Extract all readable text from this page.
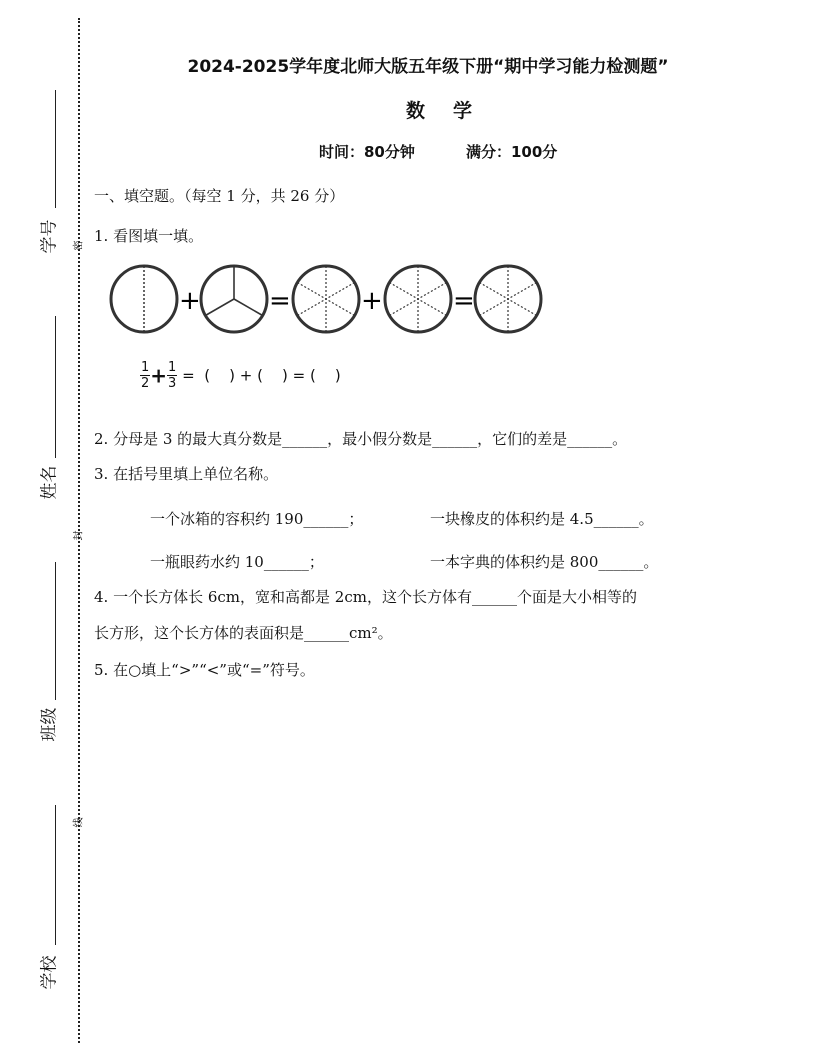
学号
姓名
班级
学校
密
封
线
2024-2025学年度北师大版五年级下册“期中学习能力检测题”
数学
时间：80分钟	满分：100分
一、填空题。（每空 1 分，共 26 分）
1. 看图填一填。
+	=	+	=
$\frac{1}{2} + \frac{1}{3}$ =  (    ) + (    ) = (    )
2. 分母是 3 的最大真分数是______，最小假分数是______，它们的差是______。
3. 在括号里填上单位名称。
一个冰箱的容积约 190______；	一块橡皮的体积约是 4.5______。
一瓶眼药水约 10______；	一本字典的体积约是 800______。
4. 一个长方体长 6cm，宽和高都是 2cm，这个长方体有______个面是大小相等的
长方形，这个长方体的表面积是______cm²。
5. 在○填上“>”“<”或“=”符号。
